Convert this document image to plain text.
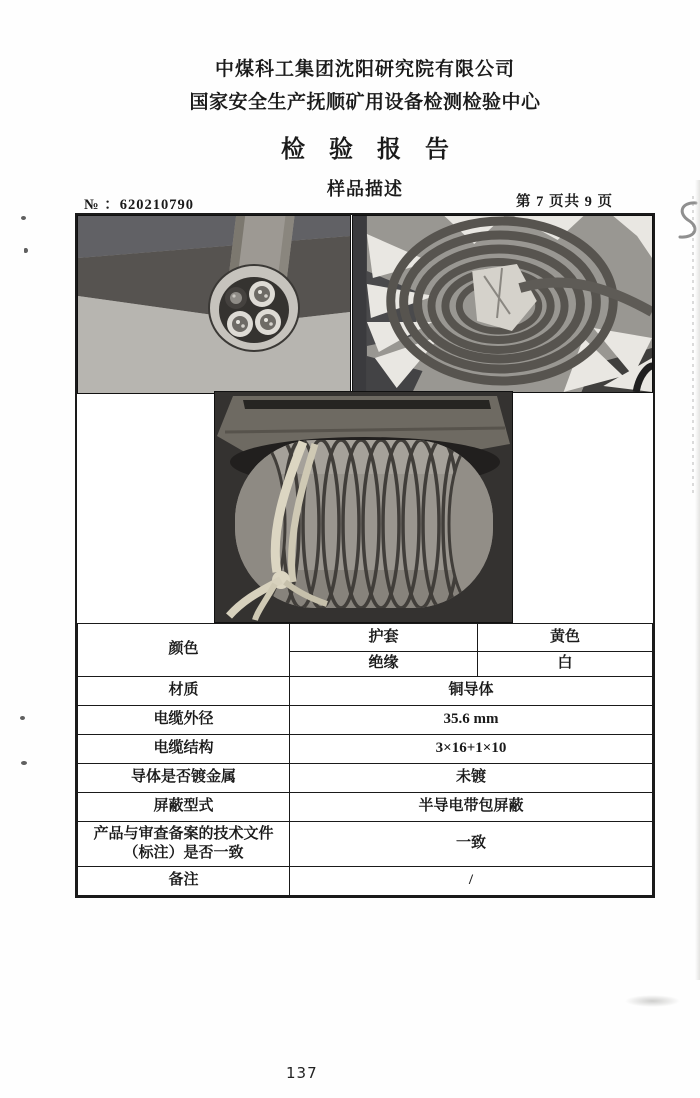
中煤科工集团沈阳研究院有限公司
国家安全生产抚顺矿用设备检测检验中心
检 验 报 告
样品描述
№ ：620210790	第 7 页共 9 页
颜色	护套	黄色
	绝缘	白
材质	铜导体	
电缆外径	35.6 mm	
电缆结构	3×16+1×10	
导体是否镀金属	未镀	
屏蔽型式	半导电带包屏蔽	
产品与审查备案的技术文件（标注）是否一致	一致	
备注	/	
137
